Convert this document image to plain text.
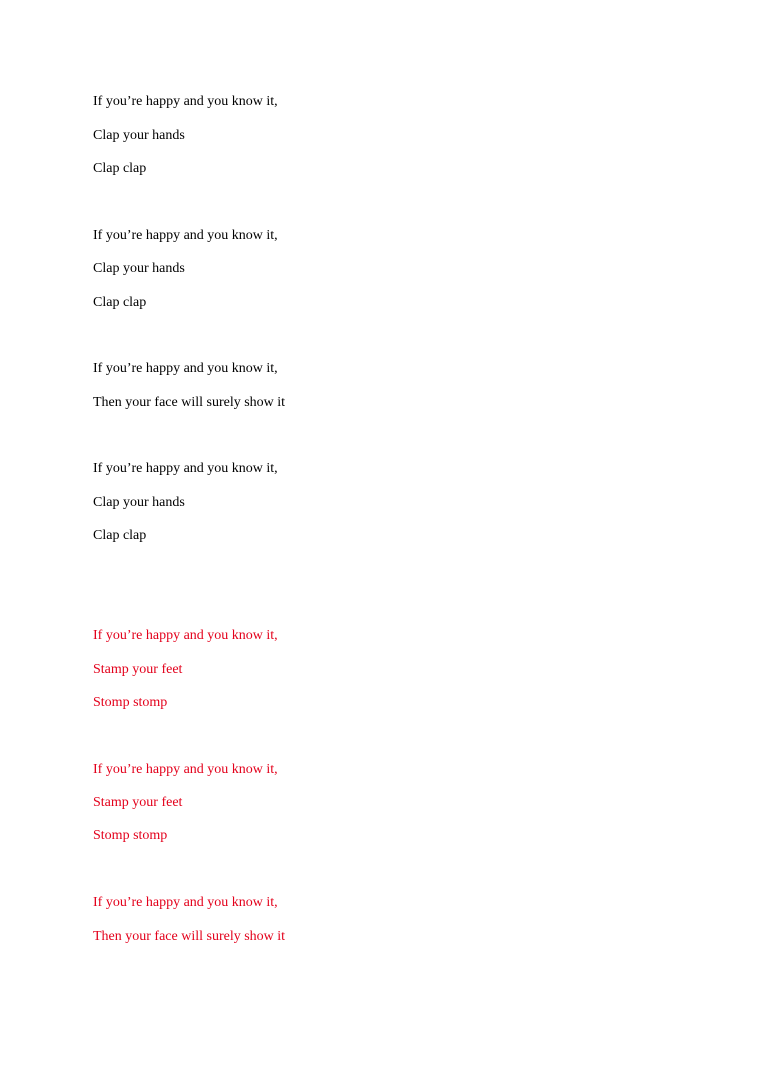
If you’re happy and you know it,

Clap your hands

Clap clap

If you’re happy and you know it,

Clap your hands

Clap clap

If you’re happy and you know it,

Then your face will surely show it

If you’re happy and you know it,

Clap your hands

Clap clap

If you’re happy and you know it,

Stamp your feet

Stomp stomp

If you’re happy and you know it,

Stamp your feet

Stomp stomp

If you’re happy and you know it,

Then your face will surely show it
